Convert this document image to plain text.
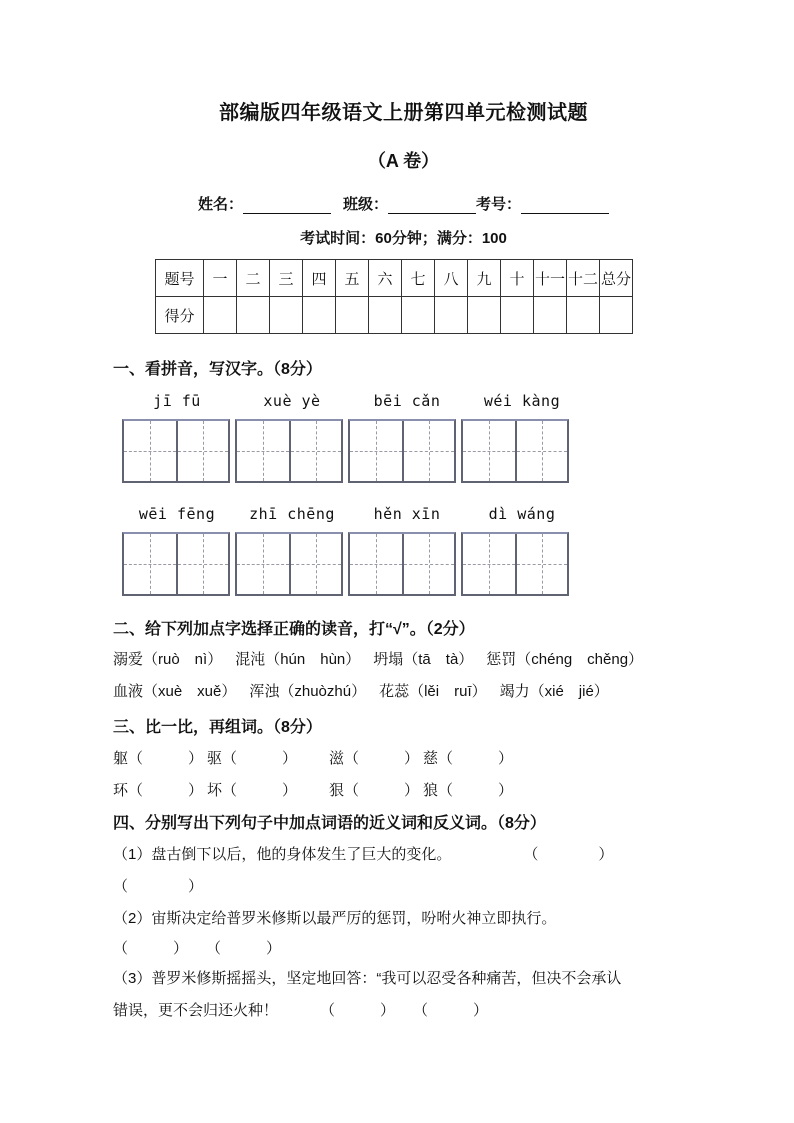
部编版四年级语文上册第四单元检测试题
（A 卷）
姓名：	班级：	考号：
考试时间：60分钟；满分：100
题号	一	二	三	四	五	六	七	八	九	十	十一	十二	总分
得分													
一、看拼音，写汉字。（8分）
jī fū	xuè yè	bēi cǎn	wéi kàng
wēi fēng	zhī chēng	hěn xīn	dì wáng
二、给下列加点字选择正确的读音，打“√”。（2分）
溺爱（ruò　nì） 混沌（hún　hùn） 坍塌（tā　tà） 惩罚（chéng　chěng）
血液（xuè　xuě） 浑浊（zhuòzhú） 花蕊（lěi　ruī） 竭力（xié　jié）
三、比一比，再组词。（8分）
躯（　　　） 驱（　　　） 滋（　　　） 慈（　　　）
环（　　　） 坏（　　　） 狠（　　　） 狼（　　　）
四、分别写出下列句子中加点词语的近义词和反义词。（8分）
（1）盘古倒下以后，他的身体发生了巨大的变化。	（　　　　）
（　　　　）
（2）宙斯决定给普罗米修斯以最严厉的惩罚，吩咐火神立即执行。
（　　　） （　　　）
（3）普罗米修斯摇摇头，坚定地回答：“我可以忍受各种痛苦，但决不会承认
错误，更不会归还火种！	（　　　） （　　　）
